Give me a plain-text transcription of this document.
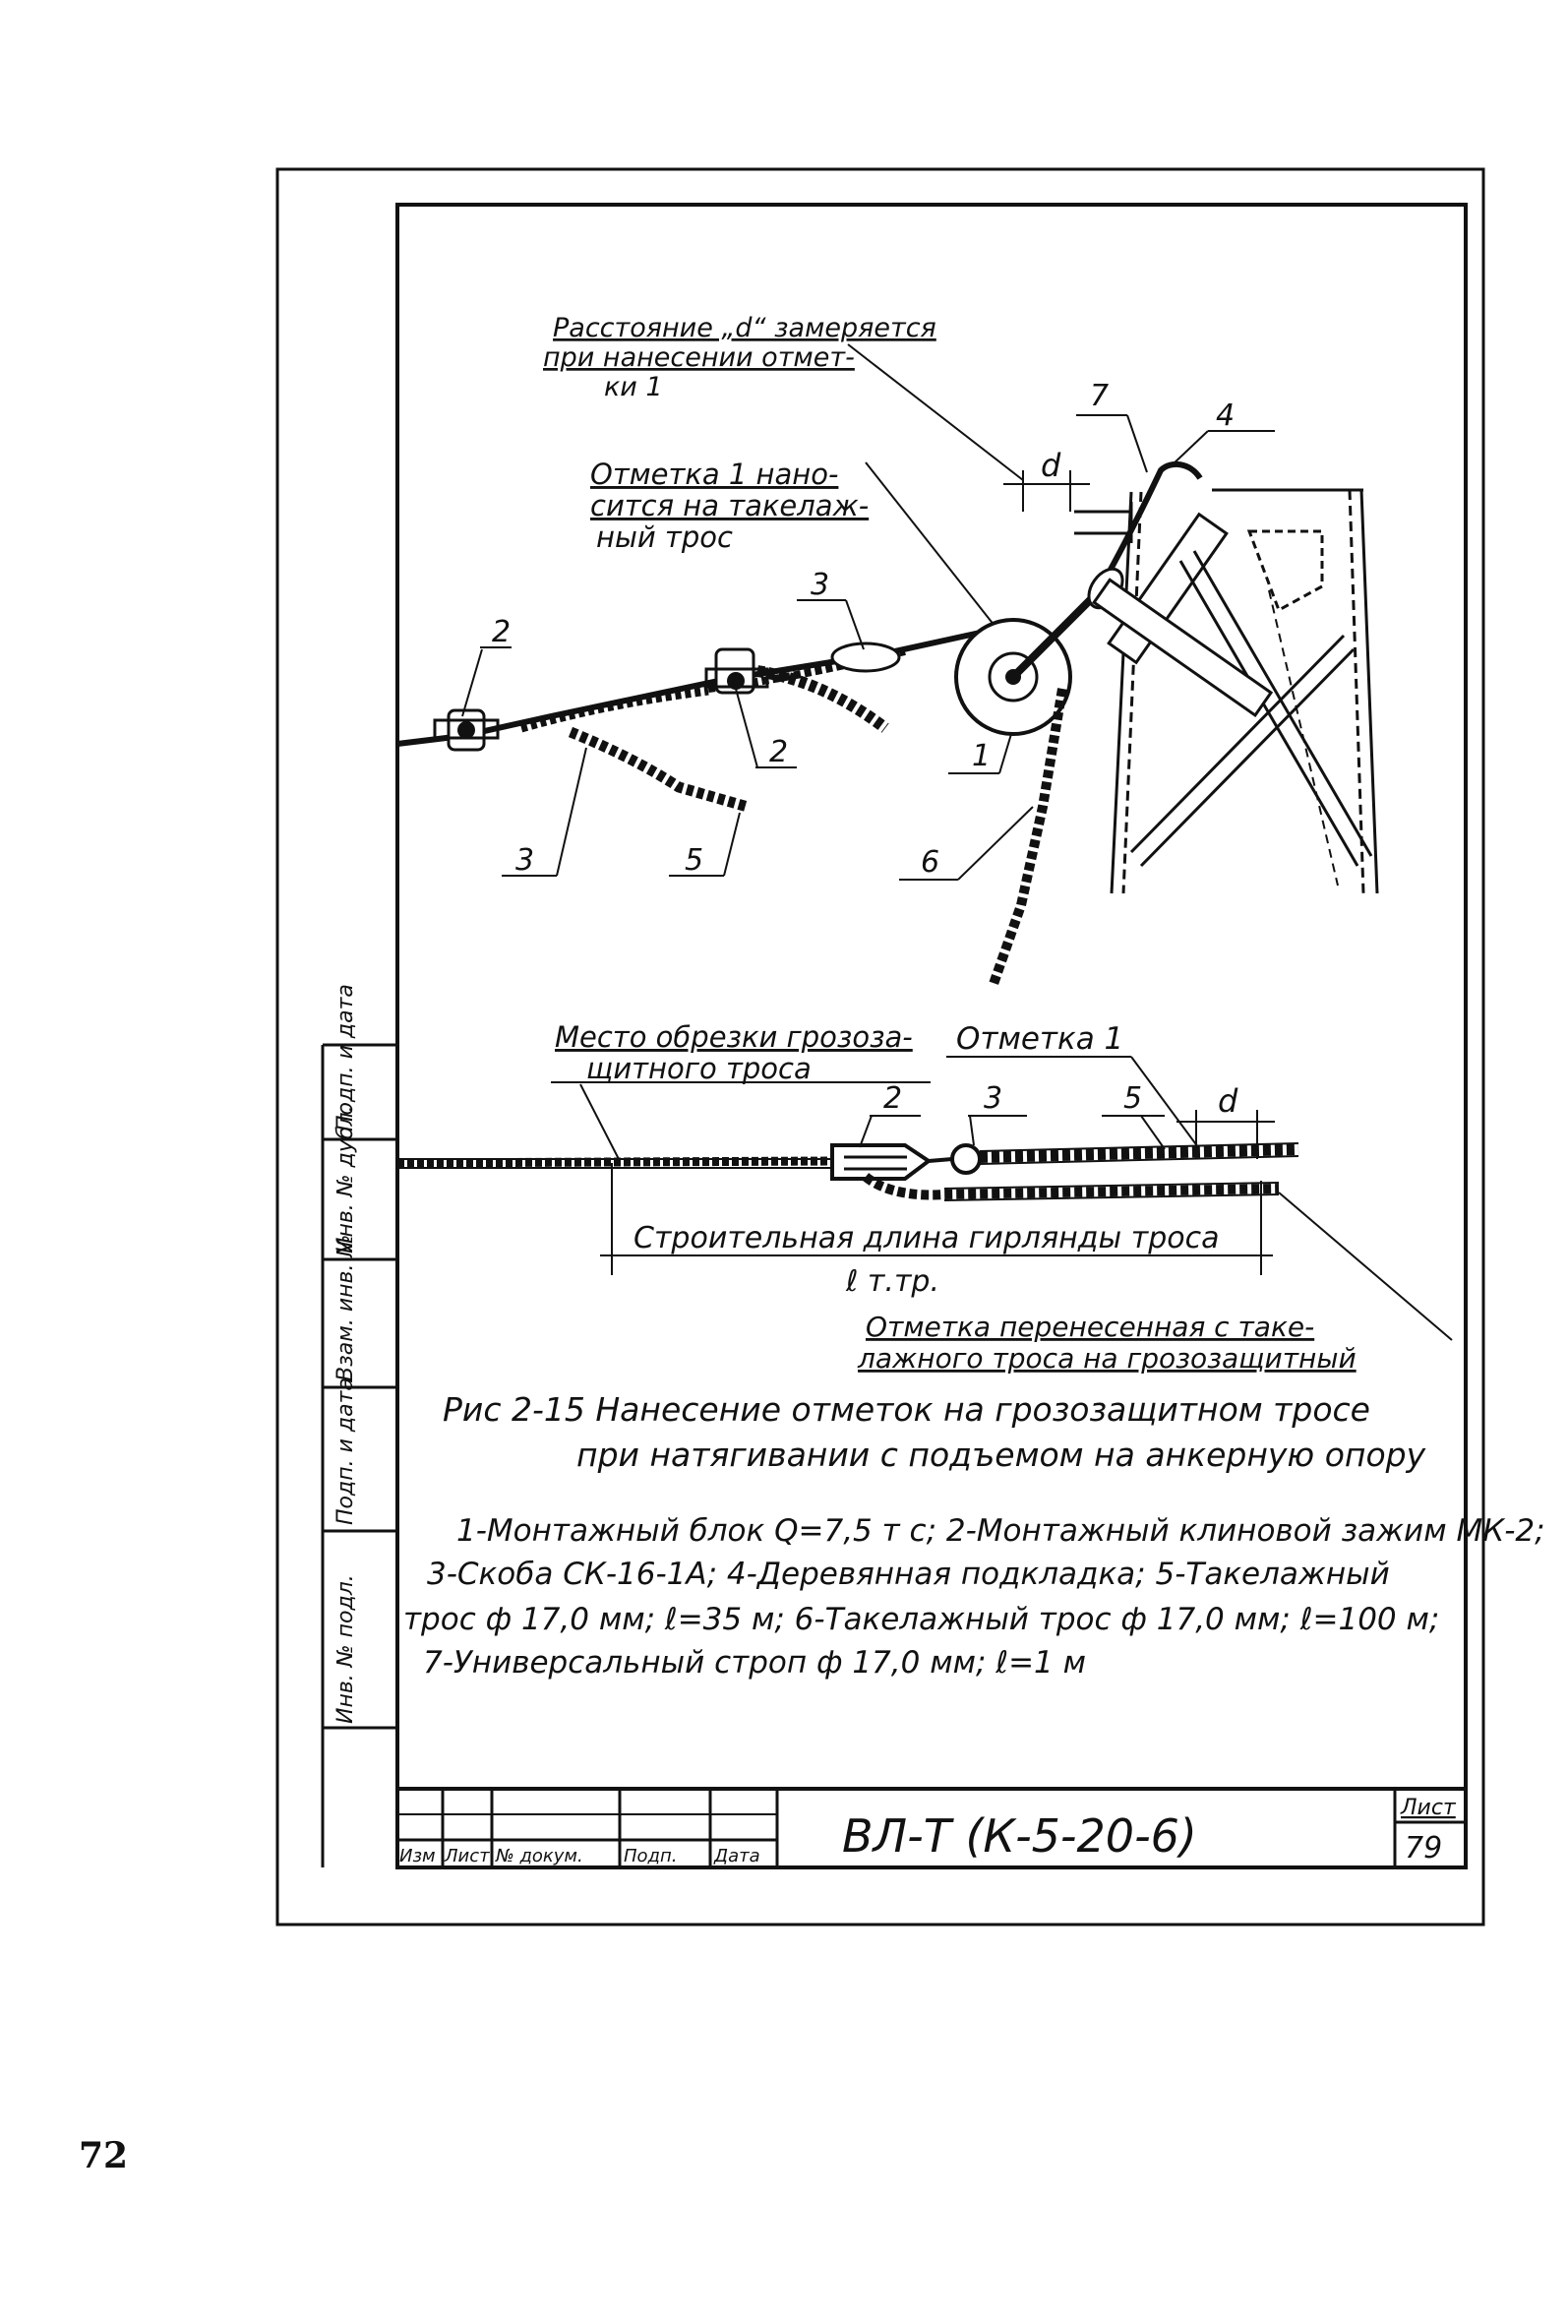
Подп. и дата
Инв. № дубл.
Взам. инв. №
Подп. и дата
Инв. № подл.
Расстояние „d“ замеряется
при нанесении отмет-
ки 1
Отметка 1 нано-
сится на такелаж-
ный трос
d
2
2
3
3	5
1
6
7
4
Место обрезки грозоза-
щитного троса
Отметка 1
2	3	5 d
Строительная длина гирлянды троса
ℓ т.тр.
Отметка перенесенная с таке-
лажного троса на грозозащитный
Рис 2-15 Нанесение отметок на грозозащитном тросе
при натягивании с подъемом на анкерную опору
1-Монтажный блок Q=7,5 т с; 2-Монтажный клиновой зажим МК-2;
3-Скоба СК-16-1А; 4-Деревянная подкладка; 5-Такелажный
трос ф 17,0 мм; ℓ=35 м; 6-Такелажный трос ф 17,0 мм; ℓ=100 м;
7-Универсальный строп ф 17,0 мм; ℓ=1 м
Изм Лист № докум. Подп. Дата ВЛ-Т (К-5-20-6)
Лист
79
72
